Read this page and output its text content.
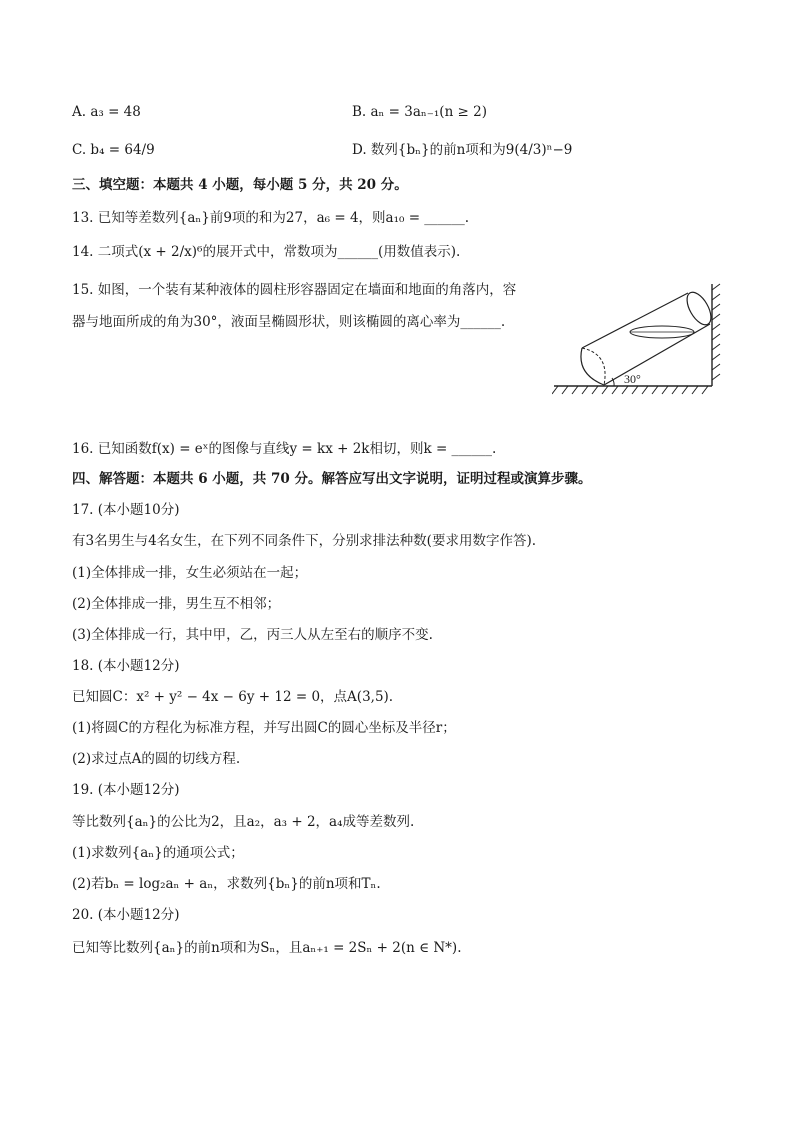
A. a₃ = 48	B. aₙ = 3aₙ₋₁(n ≥ 2)
C. b₄ = 64/9	D. 数列{bₙ}的前n项和为9(4/3)ⁿ−9
三、填空题：本题共 4 小题，每小题 5 分，共 20 分。
13. 已知等差数列{aₙ}前9项的和为27，a₆ = 4，则a₁₀ = ______.
14. 二项式(x + 2/x)⁶的展开式中，常数项为______(用数值表示).
15. 如图，一个装有某种液体的圆柱形容器固定在墙面和地面的角落内，容
器与地面所成的角为30°，液面呈椭圆形状，则该椭圆的离心率为______.
30°
16. 已知函数f(x) = eˣ的图像与直线y = kx + 2k相切，则k = ______.
四、解答题：本题共 6 小题，共 70 分。解答应写出文字说明，证明过程或演算步骤。
17. (本小题10分)
有3名男生与4名女生，在下列不同条件下，分别求排法种数(要求用数字作答).
(1)全体排成一排，女生必须站在一起；
(2)全体排成一排，男生互不相邻；
(3)全体排成一行，其中甲，乙，丙三人从左至右的顺序不变.
18. (本小题12分)
已知圆C：x² + y² − 4x − 6y + 12 = 0，点A(3,5).
(1)将圆C的方程化为标准方程，并写出圆C的圆心坐标及半径r；
(2)求过点A的圆的切线方程.
19. (本小题12分)
等比数列{aₙ}的公比为2，且a₂，a₃ + 2，a₄成等差数列.
(1)求数列{aₙ}的通项公式；
(2)若bₙ = log₂aₙ + aₙ，求数列{bₙ}的前n项和Tₙ.
20. (本小题12分)
已知等比数列{aₙ}的前n项和为Sₙ，且aₙ₊₁ = 2Sₙ + 2(n ∈ N*).
